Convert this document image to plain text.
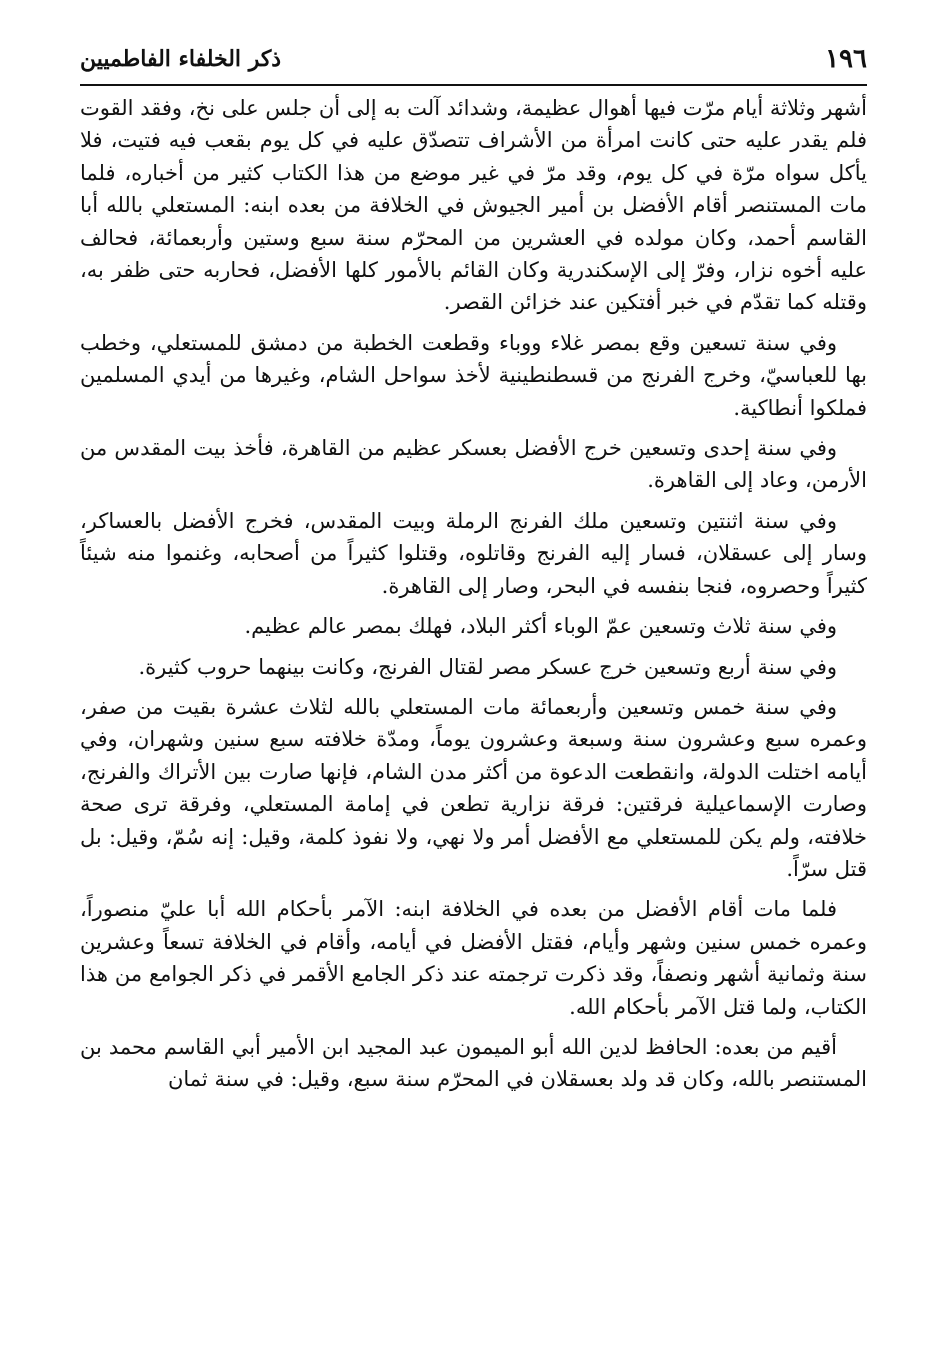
١٩٦
ذكر الخلفاء الفاطميين

أشهر وثلاثة أيام مرّت فيها أهوال عظيمة، وشدائد آلت به إلى أن جلس على نخ، وفقد القوت فلم يقدر عليه حتى كانت امرأة من الأشراف تتصدّق عليه في كل يوم بقعب فيه فتيت، فلا يأكل سواه مرّة في كل يوم، وقد مرّ في غير موضع من هذا الكتاب كثير من أخباره، فلما مات المستنصر أقام الأفضل بن أمير الجيوش في الخلافة من بعده ابنه: المستعلي بالله أبا القاسم أحمد، وكان مولده في العشرين من المحرّم سنة سبع وستين وأربعمائة، فحالف عليه أخوه نزار، وفرّ إلى الإسكندرية وكان القائم بالأمور كلها الأفضل، فحاربه حتى ظفر به، وقتله كما تقدّم في خبر أفتكين عند خزائن القصر.

وفي سنة تسعين وقع بمصر غلاء ووباء وقطعت الخطبة من دمشق للمستعلي، وخطب بها للعباسيّ، وخرج الفرنج من قسطنطينية لأخذ سواحل الشام، وغيرها من أيدي المسلمين فملكوا أنطاكية.

وفي سنة إحدى وتسعين خرج الأفضل بعسكر عظيم من القاهرة، فأخذ بيت المقدس من الأرمن، وعاد إلى القاهرة.

وفي سنة اثنتين وتسعين ملك الفرنج الرملة وبيت المقدس، فخرج الأفضل بالعساكر، وسار إلى عسقلان، فسار إليه الفرنج وقاتلوه، وقتلوا كثيراً من أصحابه، وغنموا منه شيئاً كثيراً وحصروه، فنجا بنفسه في البحر، وصار إلى القاهرة.

وفي سنة ثلاث وتسعين عمّ الوباء أكثر البلاد، فهلك بمصر عالم عظيم.

وفي سنة أربع وتسعين خرج عسكر مصر لقتال الفرنج، وكانت بينهما حروب كثيرة.

وفي سنة خمس وتسعين وأربعمائة مات المستعلي بالله لثلاث عشرة بقيت من صفر، وعمره سبع وعشرون سنة وسبعة وعشرون يوماً، ومدّة خلافته سبع سنين وشهران، وفي أيامه اختلت الدولة، وانقطعت الدعوة من أكثر مدن الشام، فإنها صارت بين الأتراك والفرنج، وصارت الإسماعيلية فرقتين: فرقة نزارية تطعن في إمامة المستعلي، وفرقة ترى صحة خلافته، ولم يكن للمستعلي مع الأفضل أمر ولا نهي، ولا نفوذ كلمة، وقيل: إنه سُمّ، وقيل: بل قتل سرّاً.

فلما مات أقام الأفضل من بعده في الخلافة ابنه: الآمر بأحكام الله أبا عليّ منصوراً، وعمره خمس سنين وشهر وأيام، فقتل الأفضل في أيامه، وأقام في الخلافة تسعاً وعشرين سنة وثمانية أشهر ونصفاً، وقد ذكرت ترجمته عند ذكر الجامع الأقمر في ذكر الجوامع من هذا الكتاب، ولما قتل الآمر بأحكام الله.

أقيم من بعده: الحافظ لدين الله أبو الميمون عبد المجيد ابن الأمير أبي القاسم محمد بن المستنصر بالله، وكان قد ولد بعسقلان في المحرّم سنة سبع، وقيل: في سنة ثمان
